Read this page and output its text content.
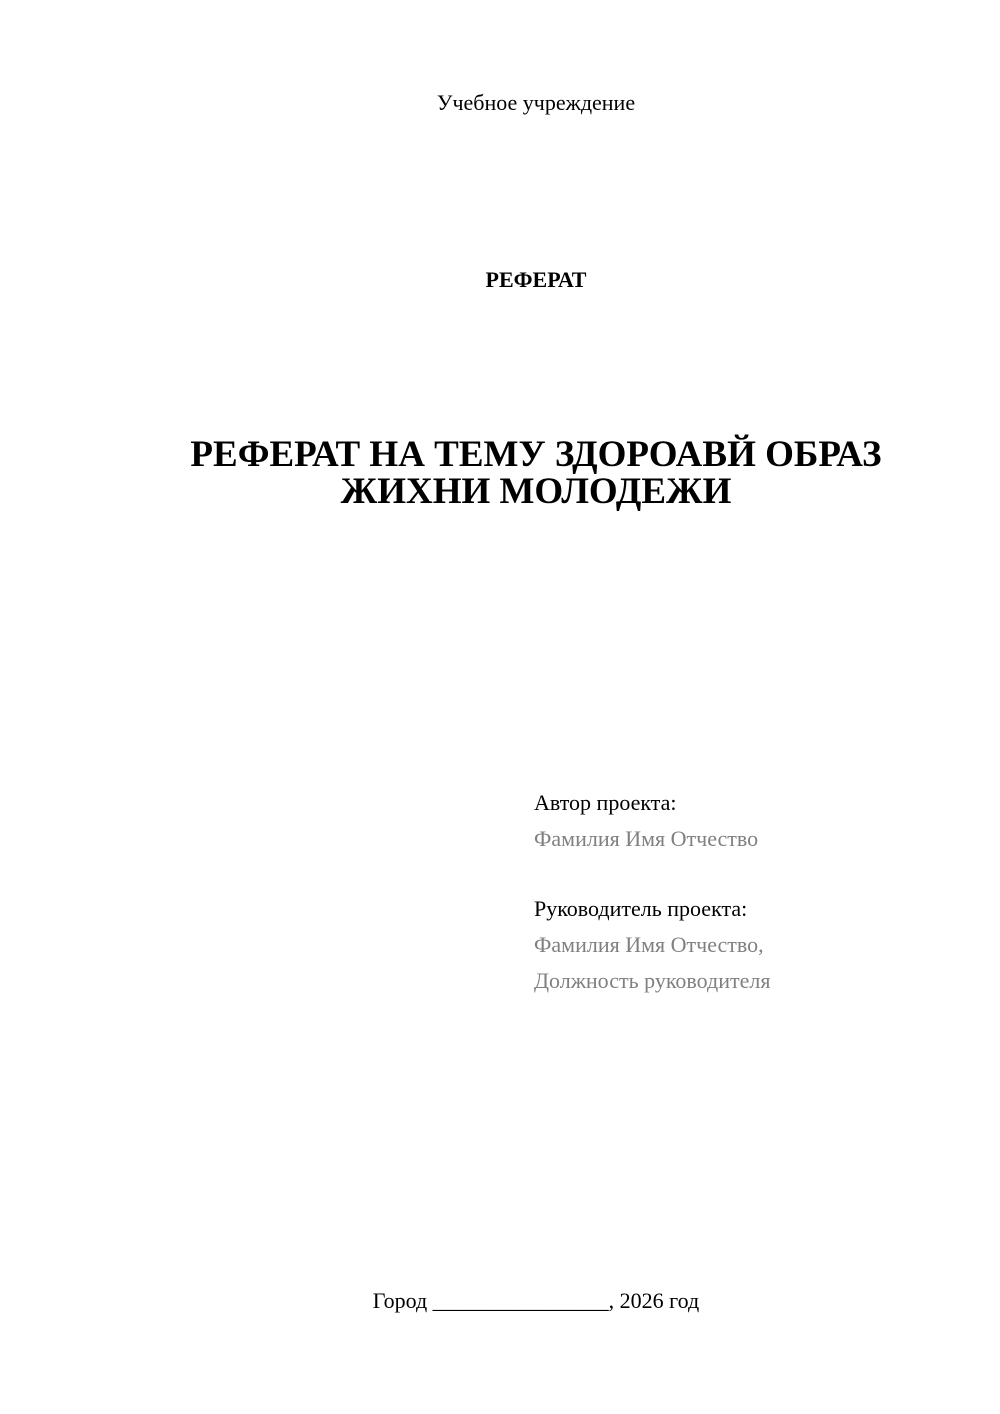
Учебное учреждение
РЕФЕРАТ
РЕФЕРАТ НА ТЕМУ ЗДОРОАВЙ ОБРАЗ
ЖИХНИ МОЛОДЕЖИ
Автор проекта:
Фамилия Имя Отчество
Руководитель проекта:
Фамилия Имя Отчество,
Должность руководителя
Город ________________, 2026 год
